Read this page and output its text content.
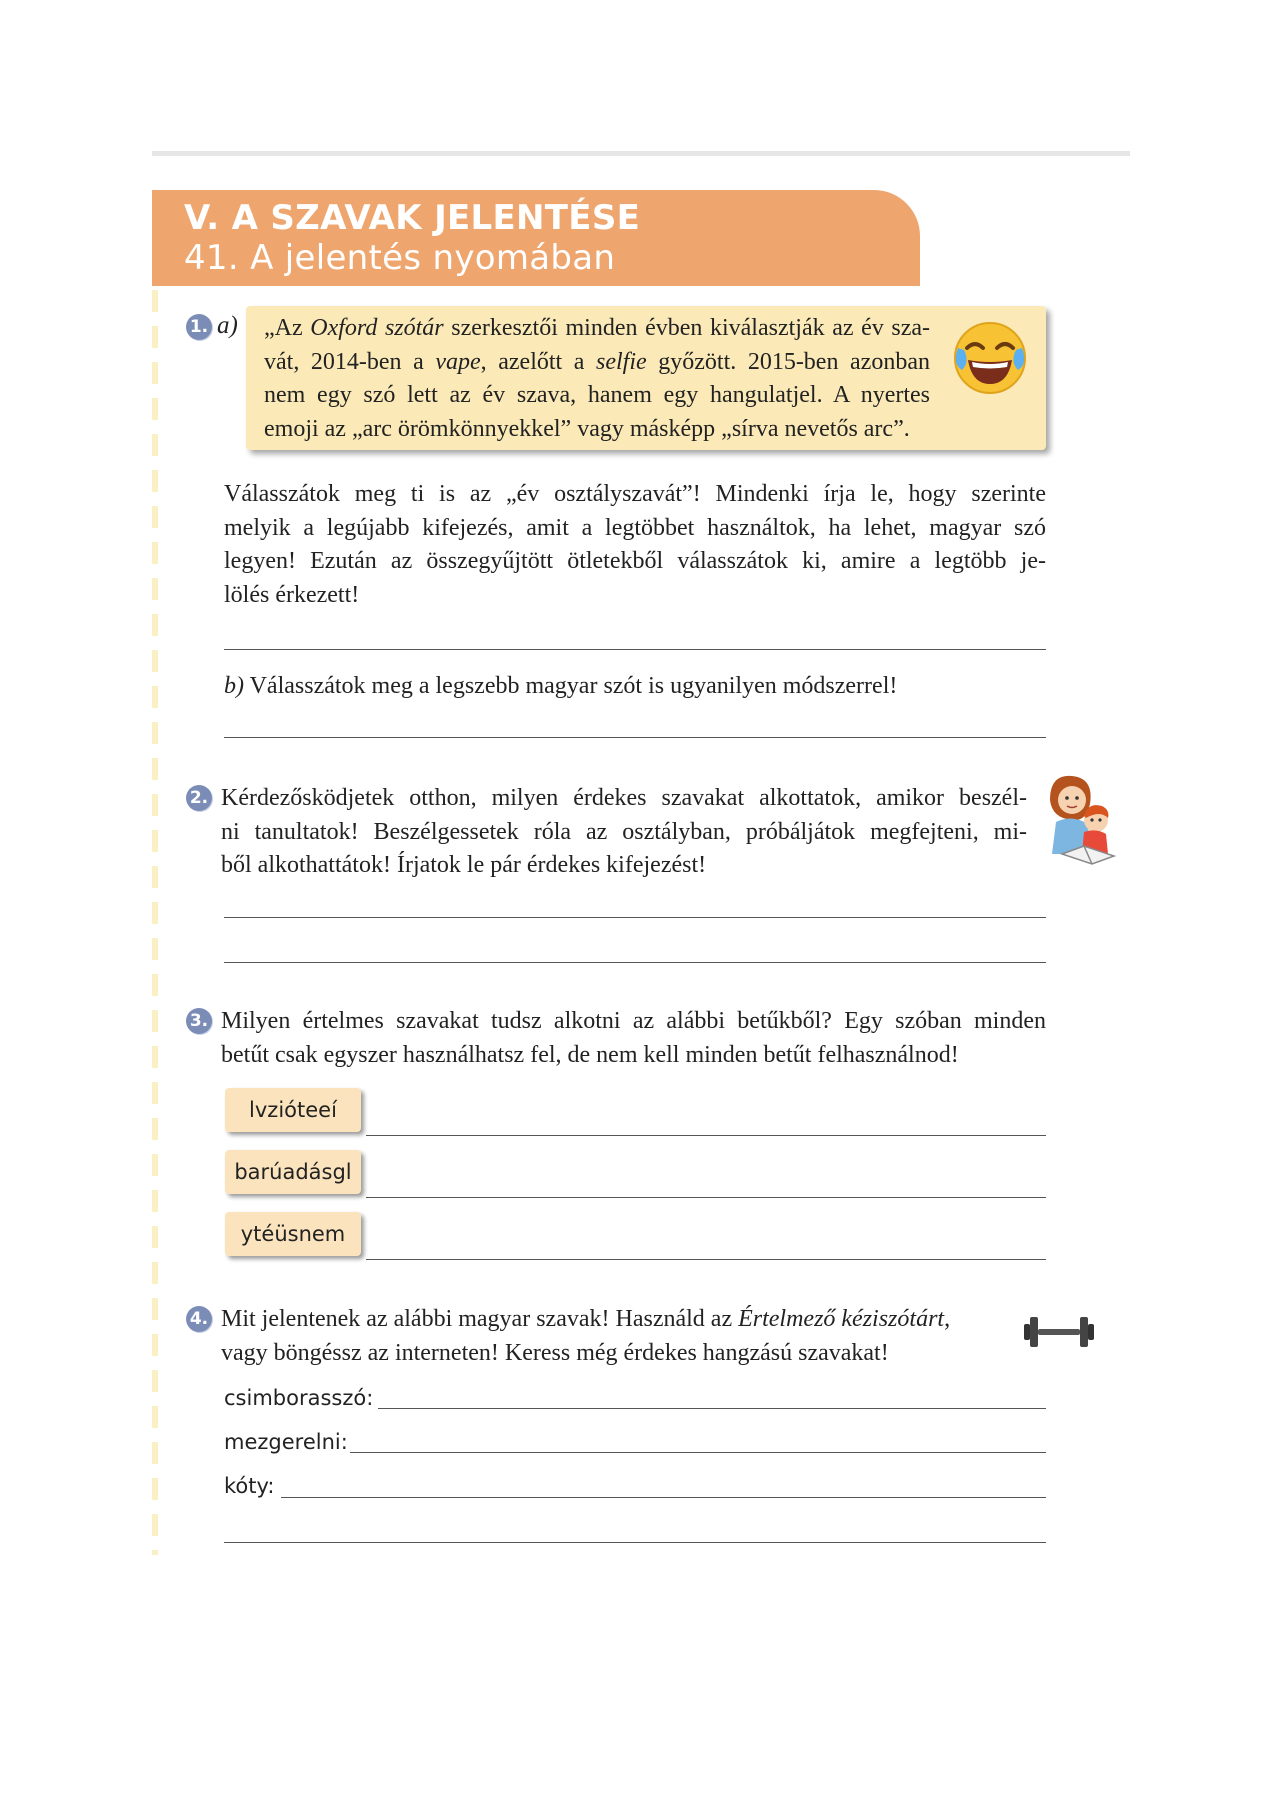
V. A SZAVAK JELENTÉSE
41. A jelentés nyomában
1. a) „Az Oxford szótár szerkesztői minden évben kiválasztják az év sza-
vát, 2014-ben a vape, azelőtt a selfie győzött. 2015-ben azonban
nem egy szó lett az év szava, hanem egy hangulatjel. A nyertes
emoji az „arc örömkönnyekkel” vagy másképp „sírva nevetős arc”.
Válasszátok meg ti is az „év osztályszavát”! Mindenki írja le, hogy szerinte
melyik a legújabb kifejezés, amit a legtöbbet használtok, ha lehet, magyar szó
legyen! Ezután az összegyűjtött ötletekből válasszátok ki, amire a legtöbb je-
lölés érkezett!
b) Válasszátok meg a legszebb magyar szót is ugyanilyen módszerrel!
2. Kérdezősködjetek otthon, milyen érdekes szavakat alkottatok, amikor beszél-
ni tanultatok! Beszélgessetek róla az osztályban, próbáljátok megfejteni, mi-
ből alkothattátok! Írjatok le pár érdekes kifejezést!
3. Milyen értelmes szavakat tudsz alkotni az alábbi betűkből? Egy szóban minden
betűt csak egyszer használhatsz fel, de nem kell minden betűt felhasználnod!
lvzióteeí
barúadásgl
ytéüsnem
4. Mit jelentenek az alábbi magyar szavak! Használd az Értelmező kéziszótárt,
vagy böngéssz az interneten! Keress még érdekes hangzású szavakat!
csimborasszó:
mezgerelni:
kóty:
